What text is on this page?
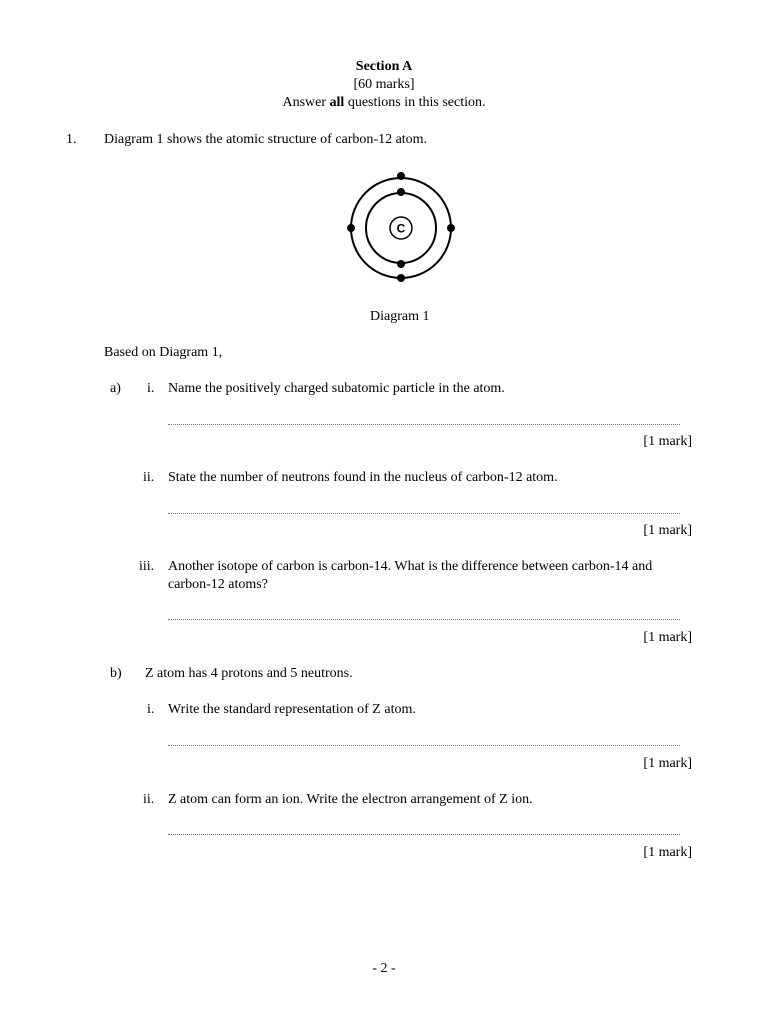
Section A
[60 marks]
Answer all questions in this section.
1. Diagram 1 shows the atomic structure of carbon-12 atom.
C
Diagram 1
Based on Diagram 1,
a) i. Name the positively charged subatomic particle in the atom.
[1 mark]
ii. State the number of neutrons found in the nucleus of carbon-12 atom.
[1 mark]
iii. Another isotope of carbon is carbon-14. What is the difference between carbon-14 and carbon-12 atoms?
[1 mark]
b) Z atom has 4 protons and 5 neutrons.
i. Write the standard representation of Z atom.
[1 mark]
ii. Z atom can form an ion. Write the electron arrangement of Z ion.
[1 mark]
- 2 -
